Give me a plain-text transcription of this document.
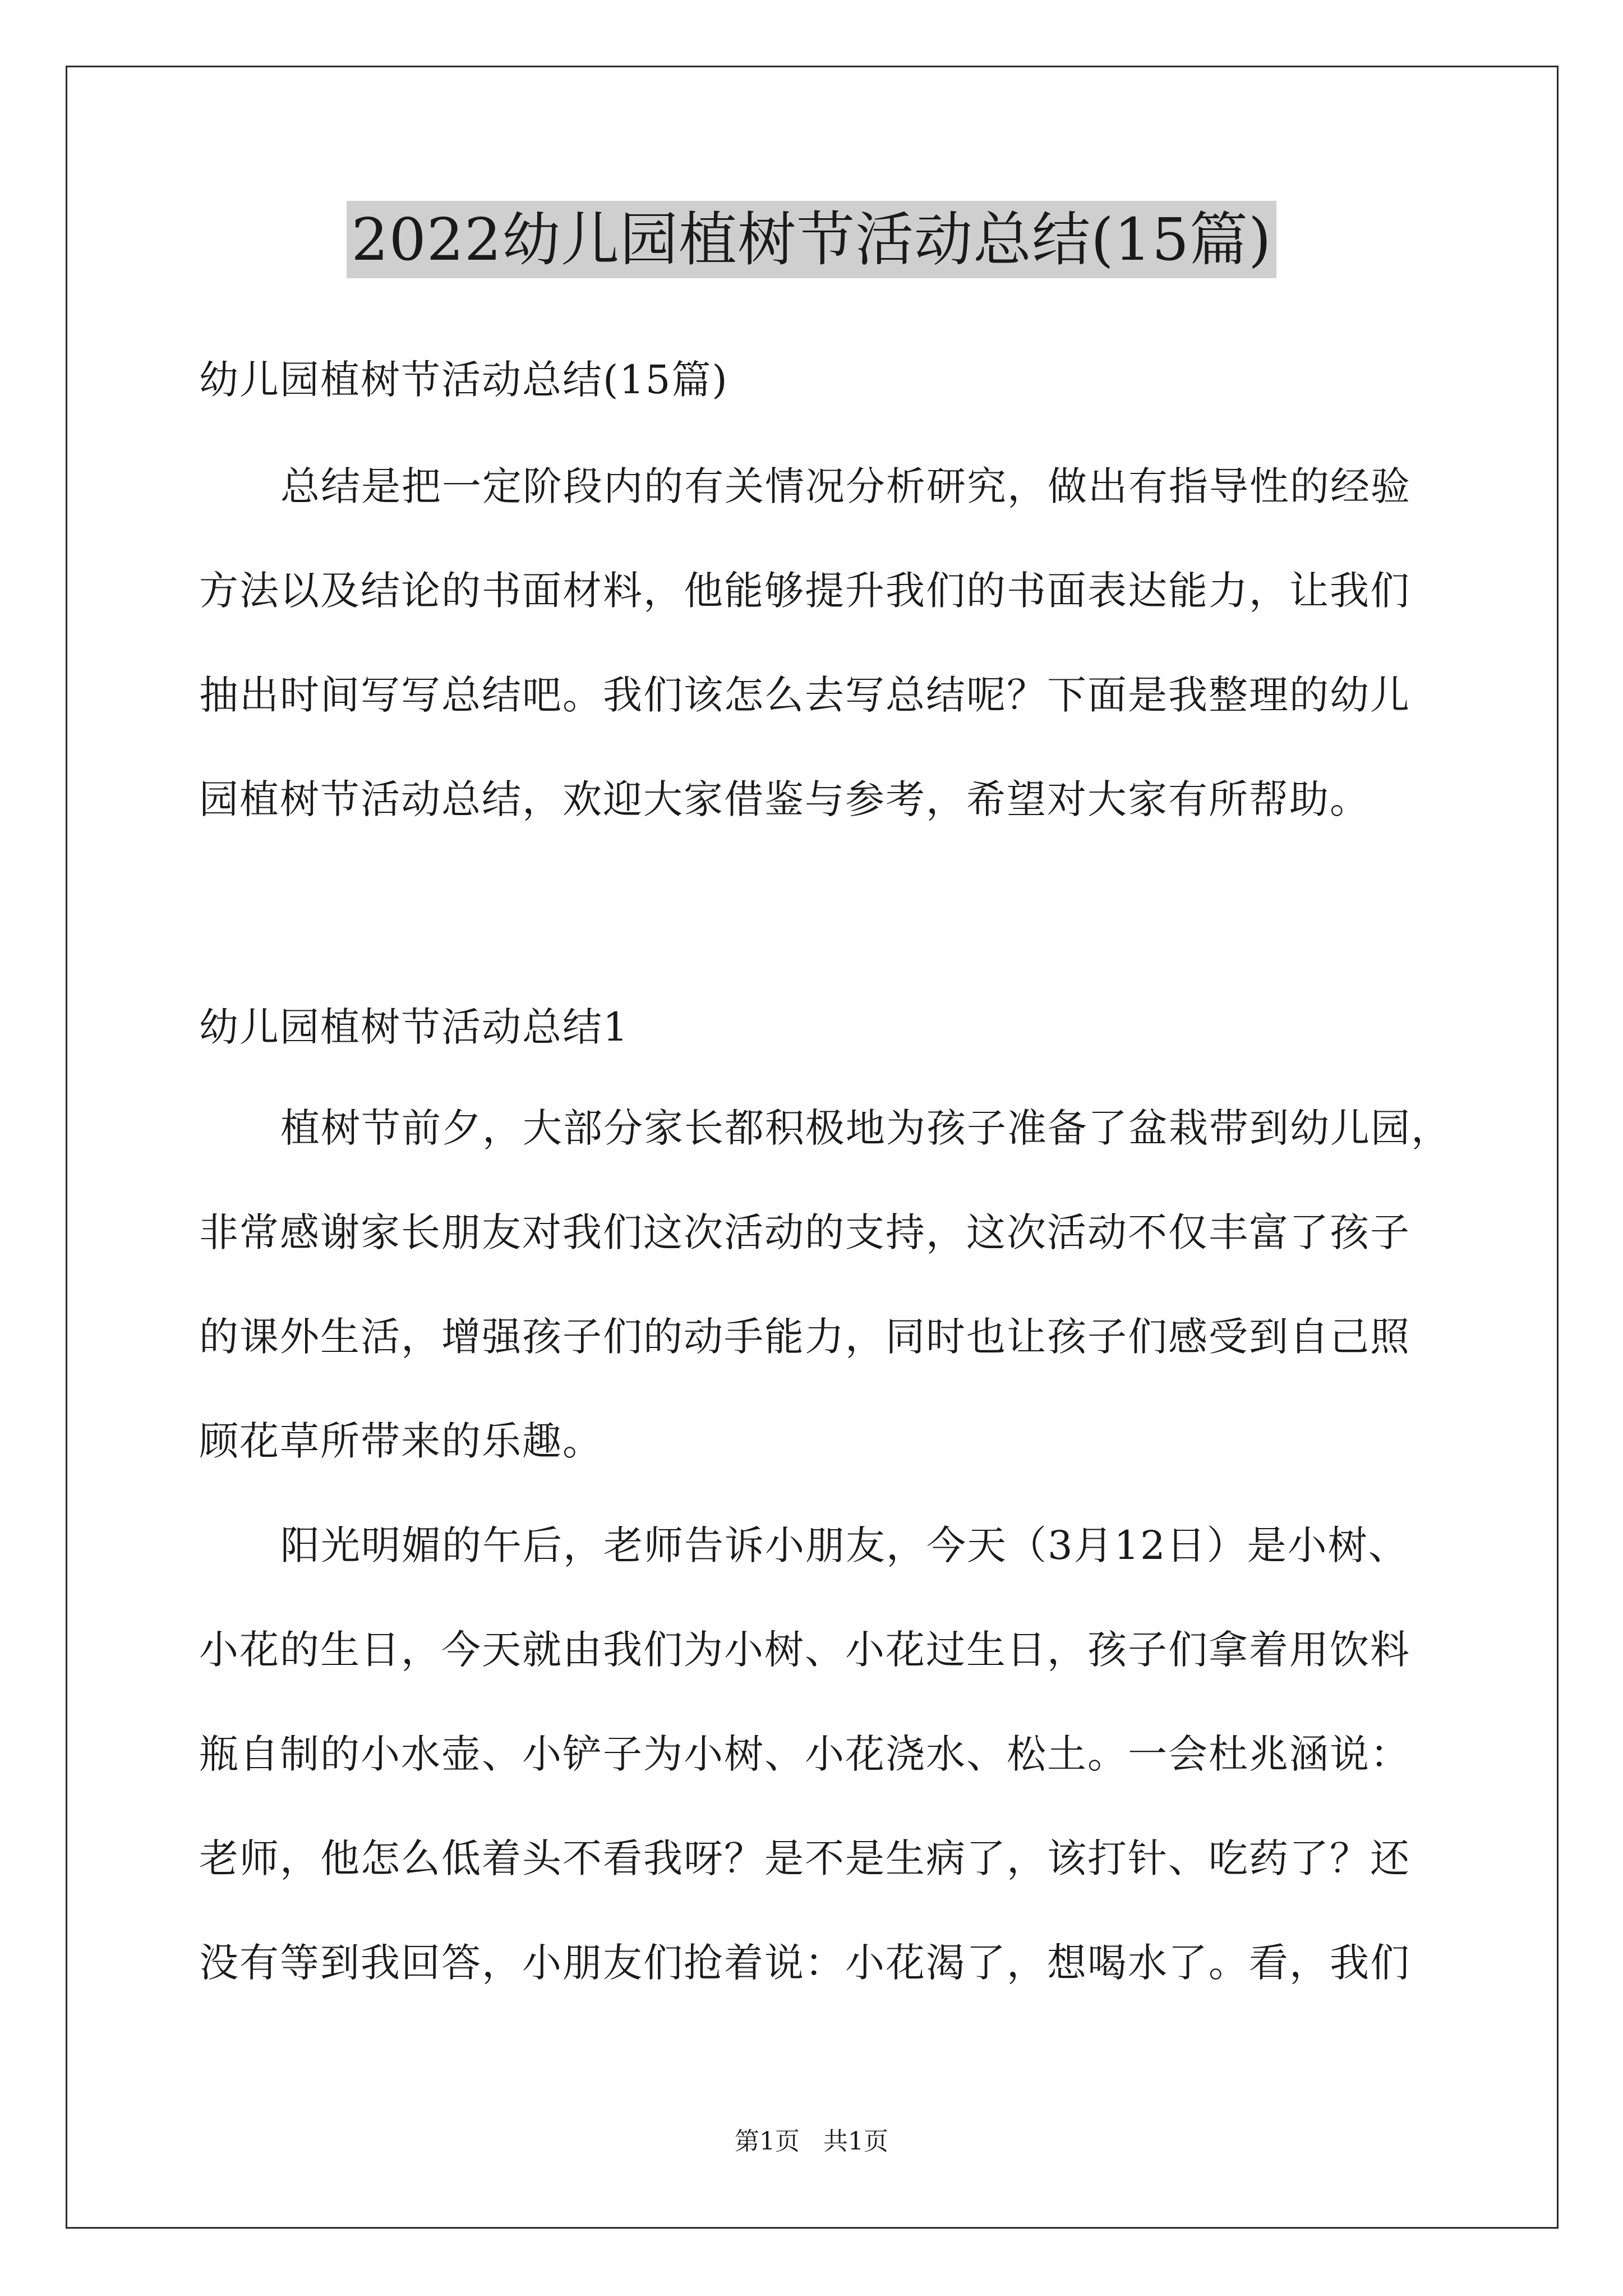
2022幼儿园植树节活动总结(15篇)
幼儿园植树节活动总结(15篇)
总结是把一定阶段内的有关情况分析研究，做出有指导性的经验
方法以及结论的书面材料，他能够提升我们的书面表达能力，让我们
抽出时间写写总结吧。我们该怎么去写总结呢？下面是我整理的幼儿
园植树节活动总结，欢迎大家借鉴与参考，希望对大家有所帮助。
幼儿园植树节活动总结1
植树节前夕，大部分家长都积极地为孩子准备了盆栽带到幼儿园，
非常感谢家长朋友对我们这次活动的支持，这次活动不仅丰富了孩子
的课外生活，增强孩子们的动手能力，同时也让孩子们感受到自己照
顾花草所带来的乐趣。
阳光明媚的午后，老师告诉小朋友，今天（3月12日）是小树、
小花的生日，今天就由我们为小树、小花过生日，孩子们拿着用饮料
瓶自制的小水壶、小铲子为小树、小花浇水、松土。一会杜兆涵说：
老师，他怎么低着头不看我呀？是不是生病了，该打针、吃药了？还
没有等到我回答，小朋友们抢着说：小花渴了，想喝水了。看，我们
第1页   共1页
